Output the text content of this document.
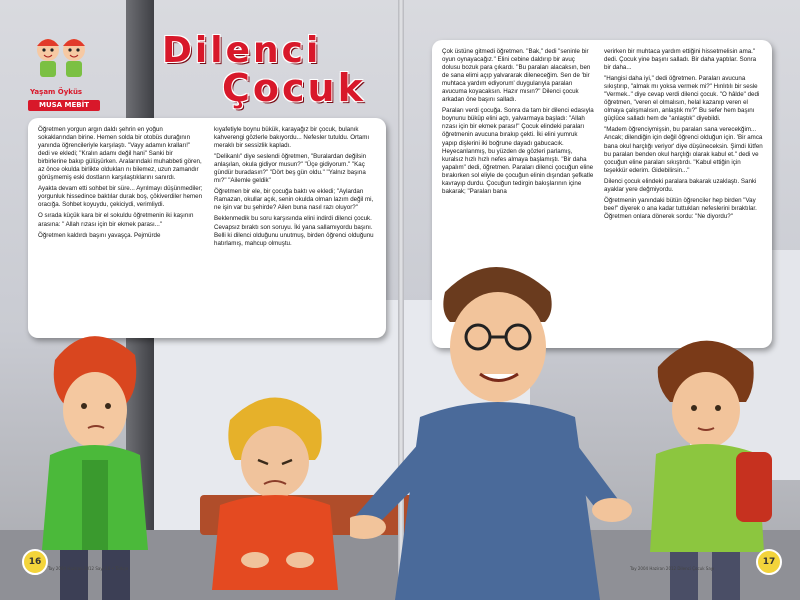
Yaşam Öyküs
MUSA MEBİT
Dilenci
Çocuk

Öğretmen yorgun argın daldı şehrin en yoğun sokaklarından birine. Hemen solda bir otobüs durağının yanında öğrencileriyle karşılaştı. "Vayy adamın kralları!" dedi ve ekledi; "Kralın adamı değil hani" Sanki bir birbirlerine bakıp gülüşürken. Aralarındaki muhabbeti gören, az önce okulda birlikte oldukları nı bilemez, uzun zamandır görüşmemiş eski dostların karşılaştıklarını sanırdı.

Ayakta devam etti sohbet bir süre... Ayrılmayı düşünmediler; yorgunluk hissedince baktılar durak boş, çökiverdiler hemen oracığa. Sohbet koyuydu, çekiciydi, verimliydi.

O sırada küçük kara bir el sokuldu öğretmenin iki kaşının arasına: " Allah rızası için bir ekmek parası..."

Öğretmen kaldırdı başını yavaşça. Pejmürde

kıyafetiyle boynu bükük, karayağız bir çocuk, bulanık kahverengi gözlerle bakıyordu... Nefesler tutuldu. Ortamı meraklı bir sessizlik kapladı.

"Delikanlı" diye seslendi öğretmen, "Buralardan değilsin anlaşılan, okula gidiyor musun?" "Üçe gidiyorum." "Kaç gündür buradasın?" "Dört beş gün oldu." "Yalnız başına mı?" "Ailemle geldik"

Öğretmen bir ele, bir çocuğa baktı ve ekledi; "Aylardan Ramazan, okullar açık, senin okulda olman lazım değil mi, ne işin var bu şehirde? Ailen buna nasıl razı oluyor?"

Beklenmedik bu soru karşısında elini indirdi dilenci çocuk. Cevapsız bıraktı son soruyu. İki yana sallamıyordu başını. Belli ki dilenci olduğunu unutmuş, birden öğrenci olduğunu hatırlamış, mahcup olmuştu.

Çok üstüne gitmedi öğretmen. "Bak," dedi "seninle bir oyun oynayacağız." Elini cebine daldırıp bir avuç dolusu bozuk para çıkardı. "Bu paraları alacaksın, ben de sana elimi açıp yalvararak dileneceğim. Sen de 'bir muhtaca yardım ediyorum' duygularıyla paraları avucuma koyacaksın. Hazır mısın?" Dilenci çocuk arkadan öne başını salladı.

Paraları verdi çocuğa. Sonra da tam bir dilenci edasıyla boynunu büküp elini açtı, yalvarmaya başladı: "Allah rızası için bir ekmek parası!" Çocuk elindeki paraları öğretmenin avucuna bırakıp çekti. İki elini yumruk yapıp dişlerini iki boğrune dayadı gabucacık. Heyecanlanmış, bu yüzden de gözleri parlamış, kuralsız hızlı hızlı nefes almaya başlamıştı. "Bir daha yapalım" dedi, öğretmen. Paraları dilenci çocuğun eline bırakırken sol eliyle de çocuğun elinin dışından şefkatle kavrayıp durdu. Çocuğun tedirgin bakışlarının içine bakarak; "Paraları bana

verirken bir muhtaca yardım ettiğini hissetmelisin ama." dedi. Çocuk yine başını salladı. Bir daha yaptılar. Sonra bir daha...

"Hangisi daha iyi," dedi öğretmen. Paraları avucuna sıkıştırıp, "almak mı yoksa vermek mi?" Hınlıtılı bir sesle "Vermek.." diye cevap verdi dilenci çocuk. "O hâlde" dedi öğretmen, "veren el olmalısın, helal kazanıp veren el olmaya çalışmalısın, anlaştık mı?" Bu sefer hem başını güçlüce salladı hem de "anlaştık" diyebildi.

"Madem öğrenciymişsin, bu paraları sana verecekğim... Ancak; dilendiğin için değil öğrenci olduğun için. 'Bir amca bana okul harçlığı veriyor' diye düşüneceksin. Şimdi lütfen bu paraları benden okul harçlığı olarak kabul et." dedi ve çocuğun eline paraları sıkıştırdı. "Kabul ettiğin için teşekkür ederim. Gidebilirsin..."

Dilenci çocuk elindeki paralara bakarak uzaklaştı. Sanki ayaklar yere değmiyordu.

Öğretmenin yanındaki bütün öğrenciler hep birden "Vay bee!" diyerek o ana kadar tuttukları nefeslerini bıraktılar. Öğretmen onlara dönerek sordu: "Ne diyordu?"

16
Tay 2004 Haziran 2012 Sayı:16 • Türkçe
17
Tay 2004 Haziran 2012 Dilenci Çocuk Sayı
